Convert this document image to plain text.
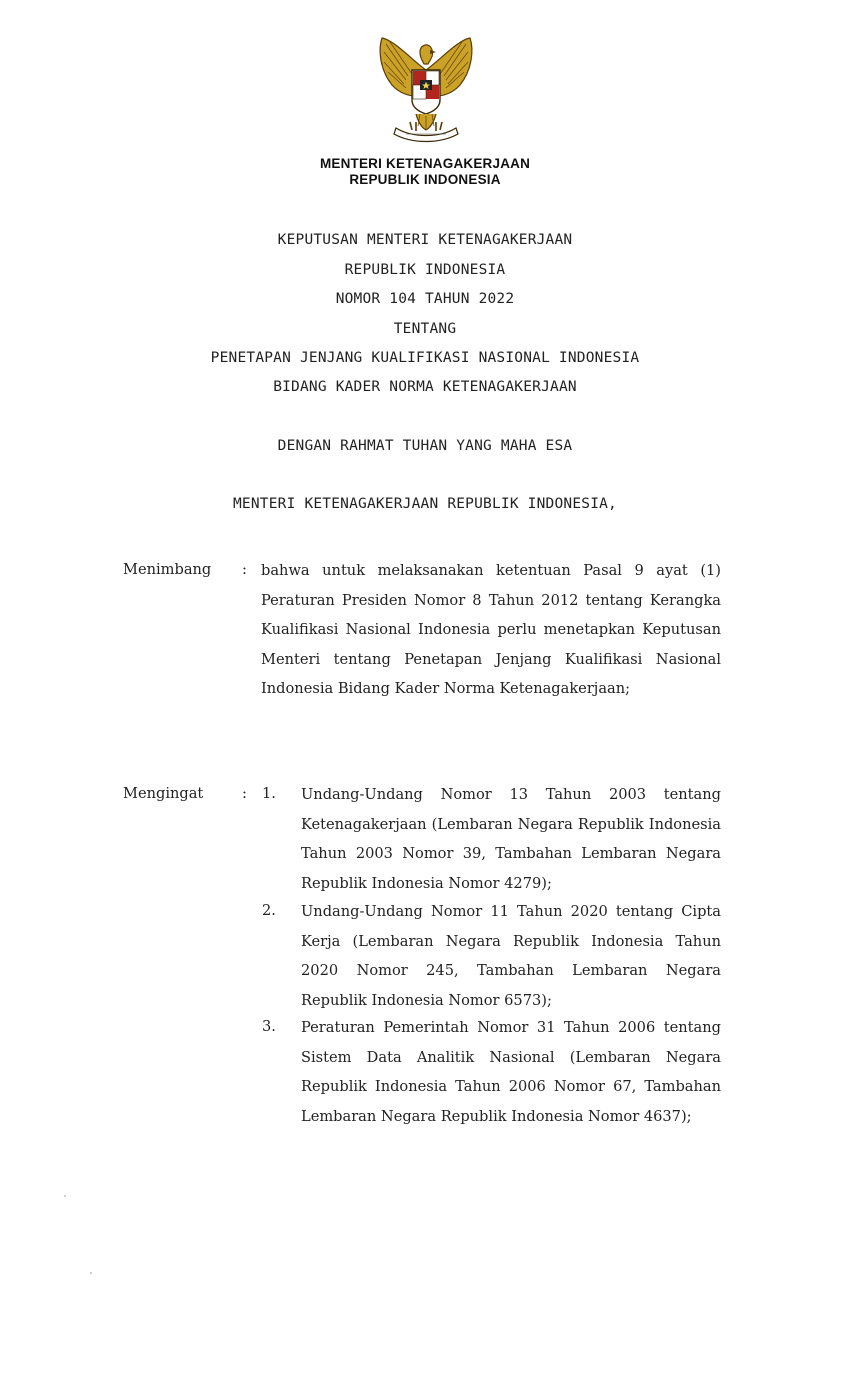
MENTERI KETENAGAKERJAAN
REPUBLIK INDONESIA
KEPUTUSAN MENTERI KETENAGAKERJAAN
REPUBLIK INDONESIA
NOMOR 104 TAHUN 2022
TENTANG
PENETAPAN JENJANG KUALIFIKASI NASIONAL INDONESIA
BIDANG KADER NORMA KETENAGAKERJAAN
DENGAN RAHMAT TUHAN YANG MAHA ESA
MENTERI KETENAGAKERJAAN REPUBLIK INDONESIA,
Menimbang : bahwa untuk melaksanakan ketentuan Pasal 9 ayat (1) Peraturan Presiden Nomor 8 Tahun 2012 tentang Kerangka Kualifikasi Nasional Indonesia perlu menetapkan Keputusan Menteri tentang Penetapan Jenjang Kualifikasi Nasional Indonesia Bidang Kader Norma Ketenagakerjaan;

Mengingat	: 1. Undang-Undang Nomor 13 Tahun 2003 tentang Ketenagakerjaan (Lembaran Negara Republik Indonesia Tahun 2003 Nomor 39, Tambahan Lembaran Negara Republik Indonesia Nomor 4279);

2. Undang-Undang Nomor 11 Tahun 2020 tentang Cipta Kerja (Lembaran Negara Republik Indonesia Tahun 2020 Nomor 245, Tambahan Lembaran Negara Republik Indonesia Nomor 6573);

3. Peraturan Pemerintah Nomor 31 Tahun 2006 tentang Sistem Data Analitik Nasional (Lembaran Negara Republik Indonesia Tahun 2006 Nomor 67, Tambahan Lembaran Negara Republik Indonesia Nomor 4637);
